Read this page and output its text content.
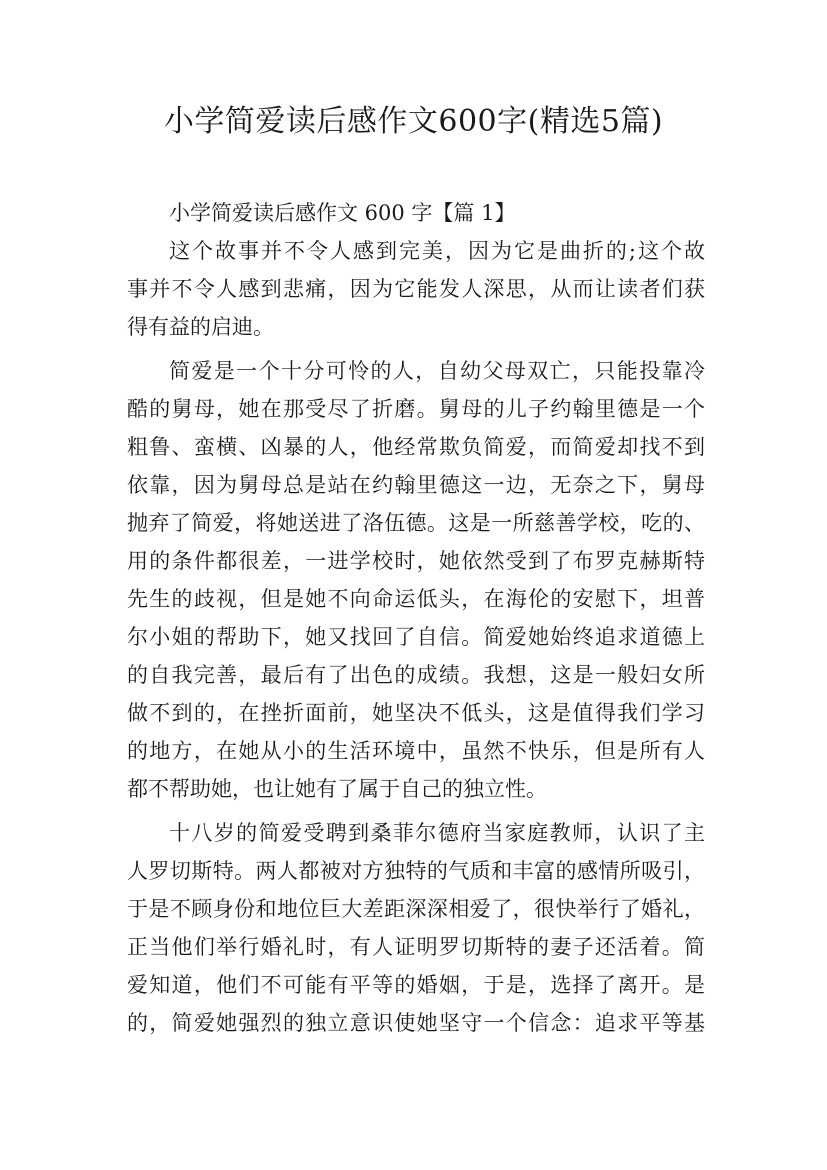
小学简爱读后感作文600字(精选5篇)
小学简爱读后感作文 600 字【篇 1】
这个故事并不令人感到完美，因为它是曲折的;这个故
事并不令人感到悲痛，因为它能发人深思，从而让读者们获
得有益的启迪。
简爱是一个十分可怜的人，自幼父母双亡，只能投靠冷
酷的舅母，她在那受尽了折磨。舅母的儿子约翰里德是一个
粗鲁、蛮横、凶暴的人，他经常欺负简爱，而简爱却找不到
依靠，因为舅母总是站在约翰里德这一边，无奈之下，舅母
抛弃了简爱，将她送进了洛伍德。这是一所慈善学校，吃的、
用的条件都很差，一进学校时，她依然受到了布罗克赫斯特
先生的歧视，但是她不向命运低头，在海伦的安慰下，坦普
尔小姐的帮助下，她又找回了自信。简爱她始终追求道德上
的自我完善，最后有了出色的成绩。我想，这是一般妇女所
做不到的，在挫折面前，她坚决不低头，这是值得我们学习
的地方，在她从小的生活环境中，虽然不快乐，但是所有人
都不帮助她，也让她有了属于自己的独立性。
十八岁的简爱受聘到桑菲尔德府当家庭教师，认识了主
人罗切斯特。两人都被对方独特的气质和丰富的感情所吸引，
于是不顾身份和地位巨大差距深深相爱了，很快举行了婚礼，
正当他们举行婚礼时，有人证明罗切斯特的妻子还活着。简
爱知道，他们不可能有平等的婚姻，于是，选择了离开。是
的，简爱她强烈的独立意识使她坚守一个信念：追求平等基
